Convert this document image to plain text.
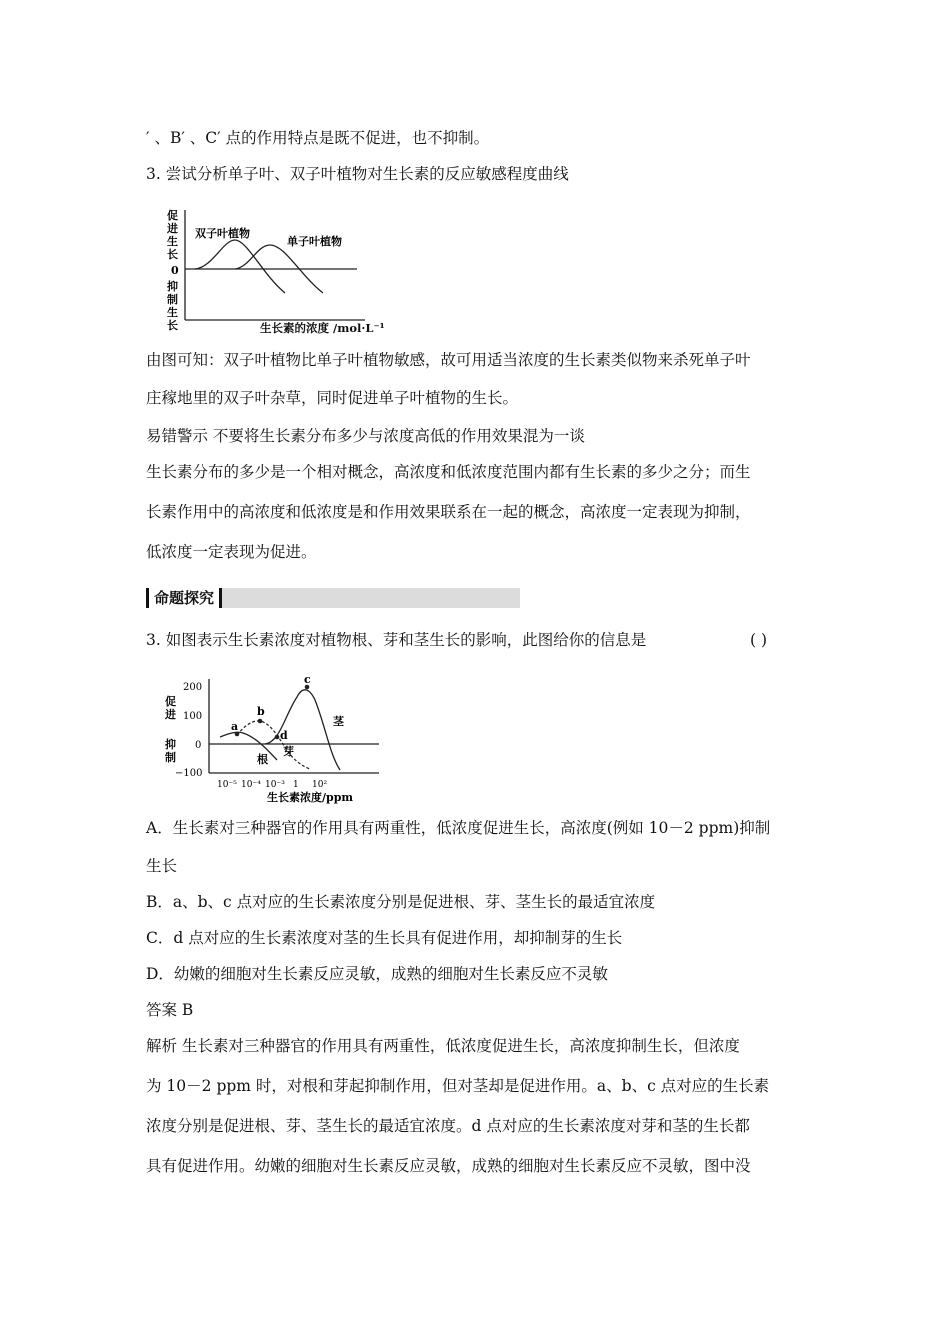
′ 、B′ 、C′ 点的作用特点是既不促进，也不抑制。
3. 尝试分析单子叶、双子叶植物对生长素的反应敏感程度曲线
促
进
生
长
0
抑
制
生
长
双子叶植物
单子叶植物
生长素的浓度 /mol·L⁻¹
由图可知：双子叶植物比单子叶植物敏感，故可用适当浓度的生长素类似物来杀死单子叶
庄稼地里的双子叶杂草，同时促进单子叶植物的生长。
易错警示 不要将生长素分布多少与浓度高低的作用效果混为一谈
生长素分布的多少是一个相对概念，高浓度和低浓度范围内都有生长素的多少之分；而生
长素作用中的高浓度和低浓度是和作用效果联系在一起的概念，高浓度一定表现为抑制，
低浓度一定表现为促进。
命题探究
3. 如图表示生长素浓度对植物根、芽和茎生长的影响，此图给你的信息是	( )
促
进
抑
制
200
100
0
−100
a
b
c
d
根
芽
茎
10⁻⁵ 10⁻⁴ 10⁻³ 1 10²
生长素浓度/ppm
A．生长素对三种器官的作用具有两重性，低浓度促进生长，高浓度(例如 10－2 ppm)抑制
生长
B．a、b、c 点对应的生长素浓度分别是促进根、芽、茎生长的最适宜浓度
C．d 点对应的生长素浓度对茎的生长具有促进作用，却抑制芽的生长
D．幼嫩的细胞对生长素反应灵敏，成熟的细胞对生长素反应不灵敏
答案 B
解析 生长素对三种器官的作用具有两重性，低浓度促进生长，高浓度抑制生长，但浓度
为 10－2 ppm 时，对根和芽起抑制作用，但对茎却是促进作用。a、b、c 点对应的生长素
浓度分别是促进根、芽、茎生长的最适宜浓度。d 点对应的生长素浓度对芽和茎的生长都
具有促进作用。幼嫩的细胞对生长素反应灵敏，成熟的细胞对生长素反应不灵敏，图中没
